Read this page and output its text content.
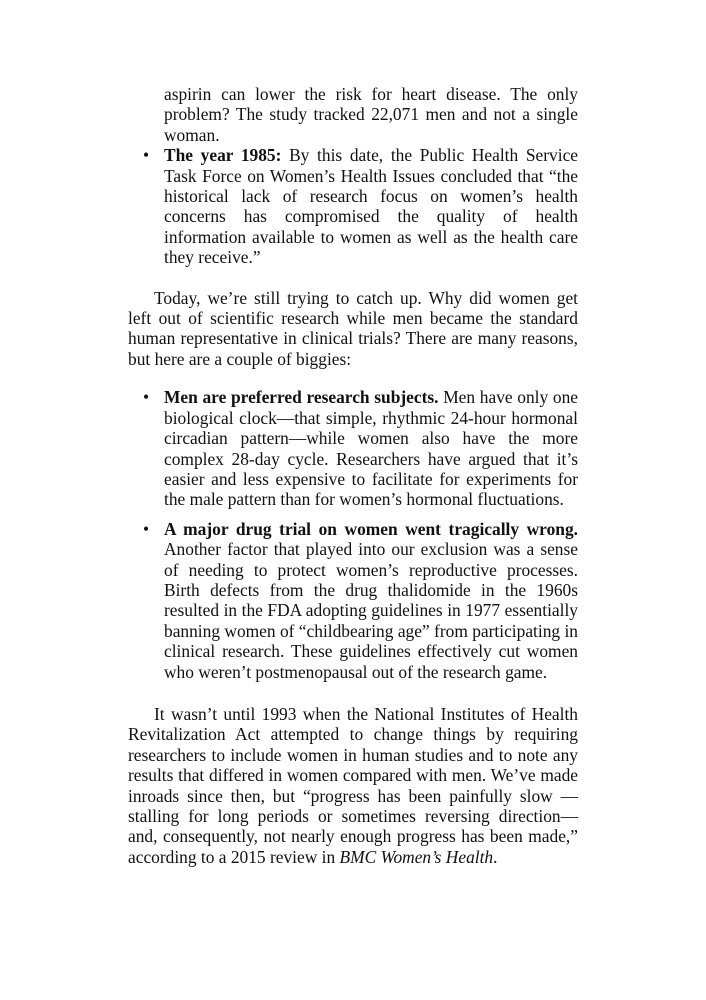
aspirin can lower the risk for heart disease. The only problem? The study tracked 22,071 men and not a single woman.
• The year 1985: By this date, the Public Health Service Task Force on Women’s Health Issues concluded that “the historical lack of research focus on women’s health concerns has compromised the quality of health information available to women as well as the health care they receive.”
Today, we’re still trying to catch up. Why did women get left out of scientific research while men became the standard human representative in clinical trials? There are many reasons, but here are a couple of biggies:
• Men are preferred research subjects. Men have only one biological clock—that simple, rhythmic 24-hour hormonal circadian pattern—while women also have the more complex 28-day cycle. Researchers have argued that it’s easier and less expensive to facilitate for experiments for the male pattern than for women’s hormonal fluctuations.
• A major drug trial on women went tragically wrong. Another factor that played into our exclusion was a sense of needing to protect women’s reproductive processes. Birth defects from the drug thalidomide in the 1960s resulted in the FDA adopting guidelines in 1977 essentially banning women of “childbearing age” from participating in clinical research. These guidelines effectively cut women who weren’t postmenopausal out of the research game.
It wasn’t until 1993 when the National Institutes of Health Revitalization Act attempted to change things by requiring researchers to include women in human studies and to note any results that differed in women compared with men. We’ve made inroads since then, but “progress has been painfully slow —stalling for long periods or sometimes reversing direction— and, consequently, not nearly enough progress has been made,” according to a 2015 review in BMC Women’s Health.
